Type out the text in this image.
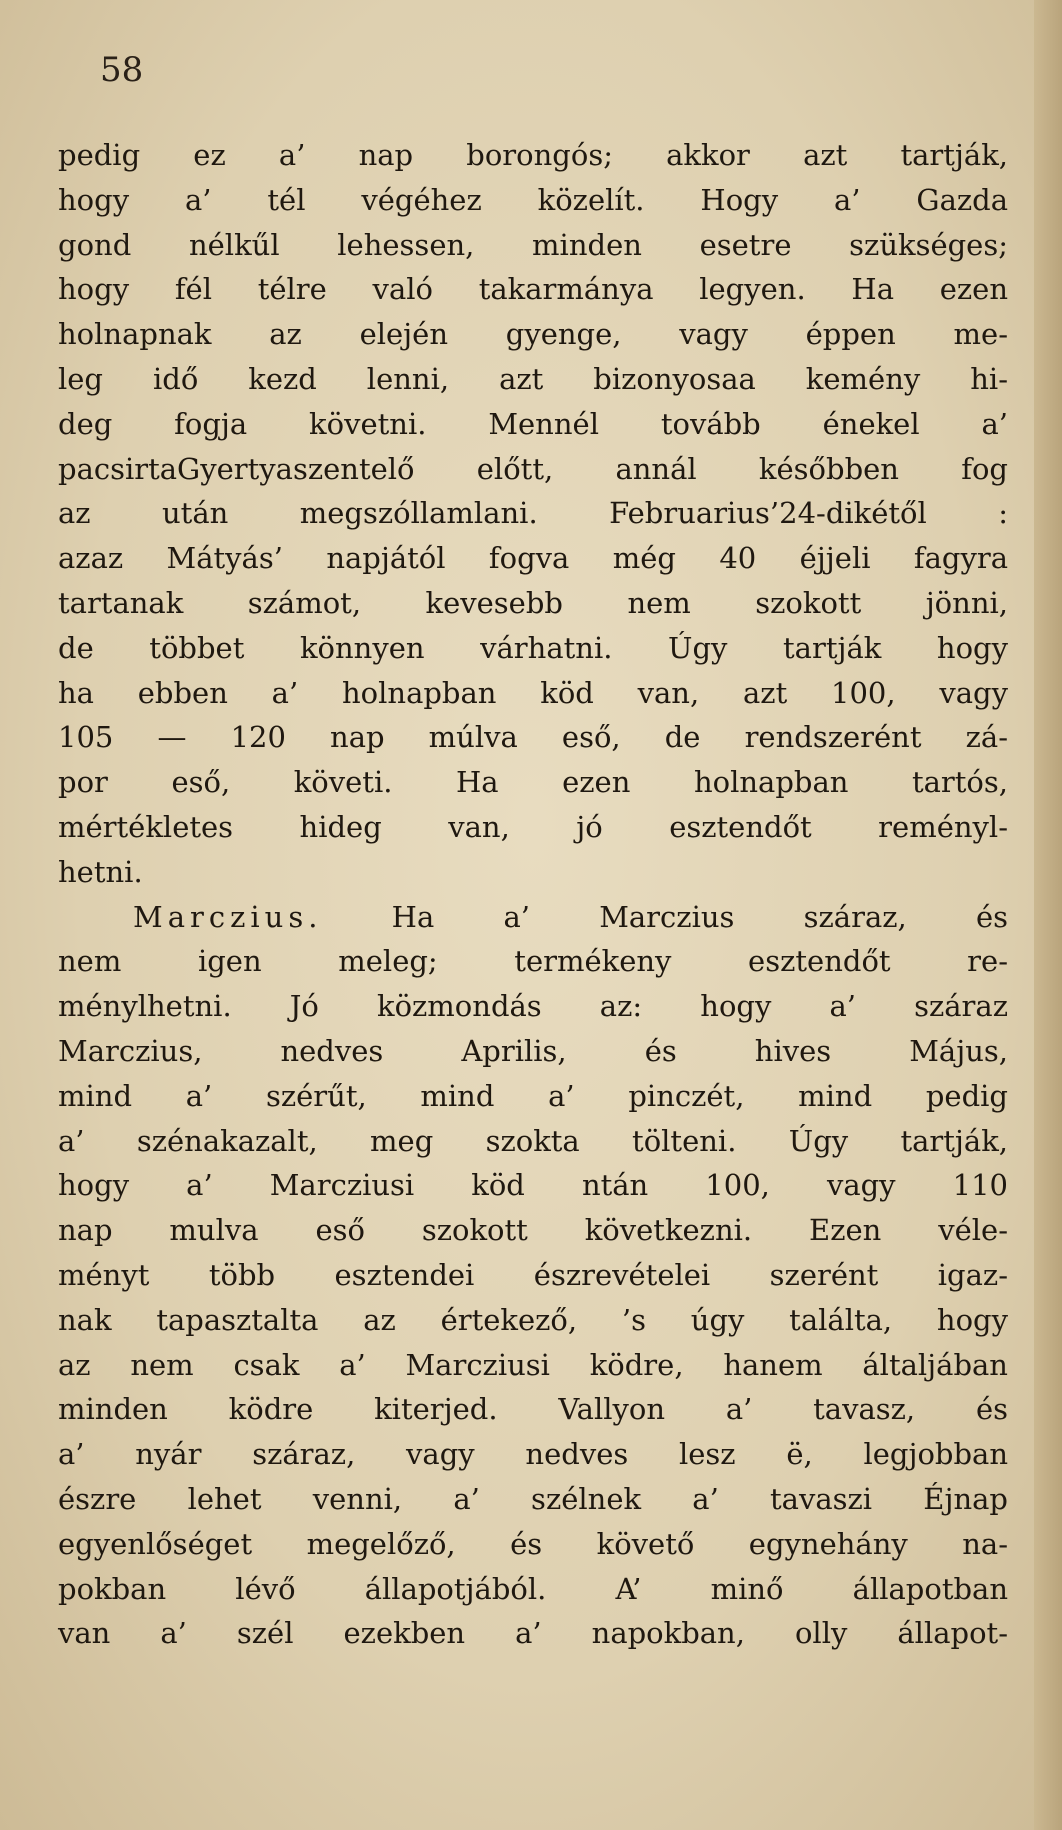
58

pedig ez a’ nap borongós; akkor azt tartják,
hogy a’ tél végéhez közelít. Hogy a’ Gazda
gond nélkűl lehessen, minden esetre szükséges;
hogy fél télre való takarmánya legyen. Ha ezen
holnapnak az elején gyenge, vagy éppen me-
leg idő kezd lenni, azt bizonyosaa kemény hi-
deg fogja követni. Mennél tovább énekel a’
pacsirtaGyertyaszentelő előtt, annál későbben fog
az után megszóllamlani. Februarius’24-dikétől :
azaz Mátyás’ napjától fogva még 40 éjjeli fagyra
tartanak számot, kevesebb nem szokott jönni,
de többet könnyen várhatni. Úgy tartják hogy
ha ebben a’ holnapban köd van, azt 100, vagy
105 — 120 nap múlva eső, de rendszerént zá-
por eső, követi. Ha ezen holnapban tartós,
mértékletes hideg van, jó esztendőt reményl-
hetni.
Marczius. Ha a’ Marczius száraz, és
nem igen meleg; termékeny esztendőt re-
ménylhetni. Jó közmondás az: hogy a’ száraz
Marczius, nedves Aprilis, és hives Május,
mind a’ szérűt, mind a’ pinczét, mind pedig
a’ szénakazalt, meg szokta tölteni. Úgy tartják,
hogy a’ Marcziusi köd ntán 100, vagy 110
nap mulva eső szokott következni. Ezen véle-
ményt több esztendei észrevételei szerént igaz-
nak tapasztalta az értekező, ’s úgy találta, hogy
az nem csak a’ Marcziusi ködre, hanem általjában
minden ködre kiterjed. Vallyon a’ tavasz, és
a’ nyár száraz, vagy nedves lesz ë, legjobban
észre lehet venni, a’ szélnek a’ tavaszi Éjnap
egyenlőséget megelőző, és követő egynehány na-
pokban lévő állapotjából. A’ minő állapotban
van a’ szél ezekben a’ napokban, olly állapot-
